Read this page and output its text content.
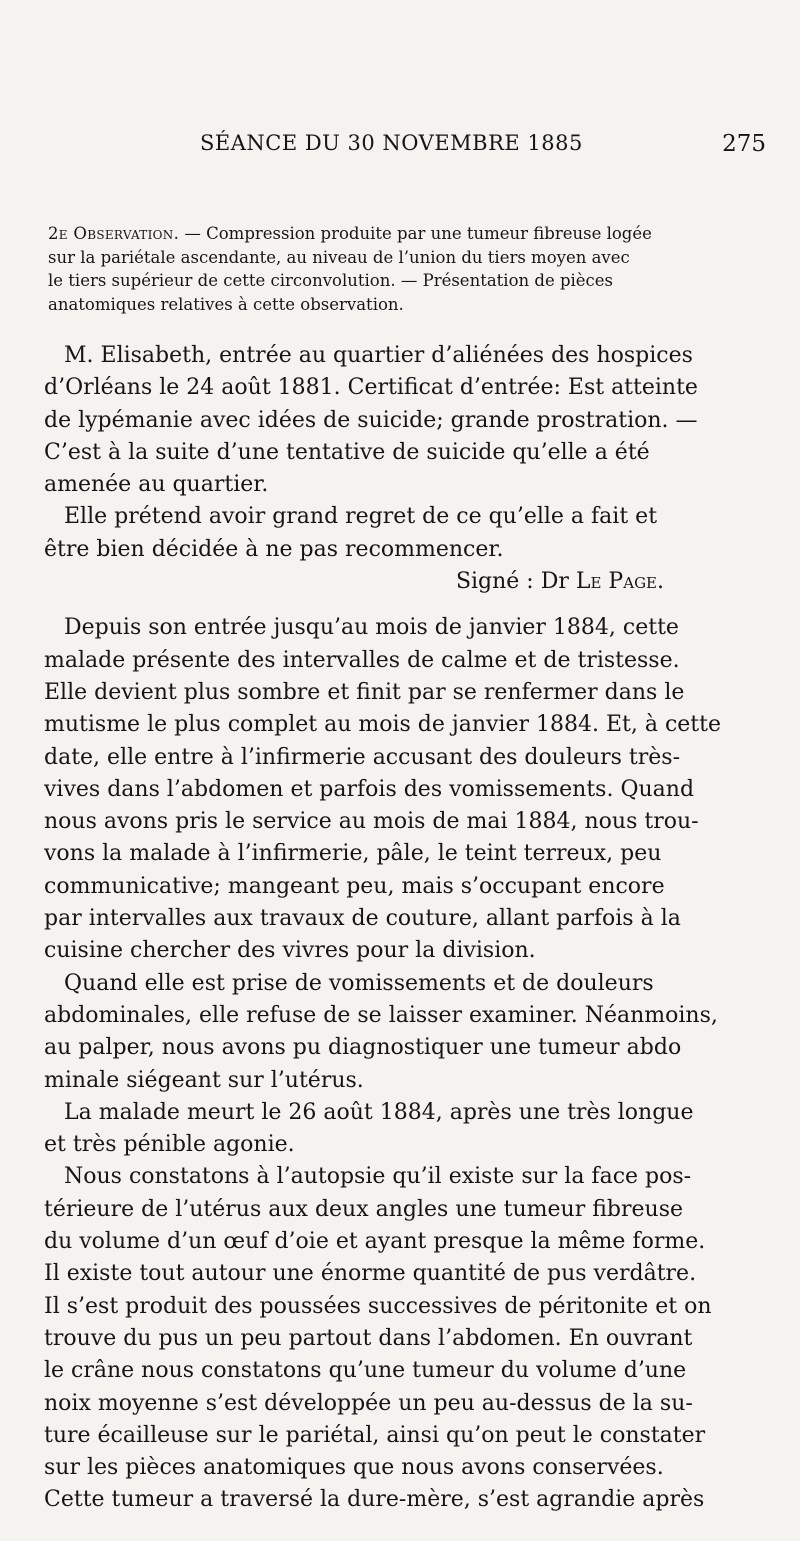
SÉANCE DU 30 NOVEMBRE 1885	275
2e Observation. — Compression produite par une tumeur fibreuse logée
sur la pariétale ascendante, au niveau de l’union du tiers moyen avec
le tiers supérieur de cette circonvolution. — Présentation de pièces
anatomiques relatives à cette observation.
M. Elisabeth, entrée au quartier d’aliénées des hospices
d’Orléans le 24 août 1881. Certificat d’entrée: Est atteinte
de lypémanie avec idées de suicide; grande prostration. —
C’est à la suite d’une tentative de suicide qu’elle a été
amenée au quartier.
Elle prétend avoir grand regret de ce qu’elle a fait et
être bien décidée à ne pas recommencer.
Signé : Dr Le Page.
Depuis son entrée jusqu’au mois de janvier 1884, cette
malade présente des intervalles de calme et de tristesse.
Elle devient plus sombre et finit par se renfermer dans le
mutisme le plus complet au mois de janvier 1884. Et, à cette
date, elle entre à l’infirmerie accusant des douleurs très-
vives dans l’abdomen et parfois des vomissements. Quand
nous avons pris le service au mois de mai 1884, nous trou-
vons la malade à l’infirmerie, pâle, le teint terreux, peu
communicative; mangeant peu, mais s’occupant encore
par intervalles aux travaux de couture, allant parfois à la
cuisine chercher des vivres pour la division.
Quand elle est prise de vomissements et de douleurs
abdominales, elle refuse de se laisser examiner. Néanmoins,
au palper, nous avons pu diagnostiquer une tumeur abdo
minale siégeant sur l’utérus.
La malade meurt le 26 août 1884, après une très longue
et très pénible agonie.
Nous constatons à l’autopsie qu’il existe sur la face pos-
térieure de l’utérus aux deux angles une tumeur fibreuse
du volume d’un œuf d’oie et ayant presque la même forme.
Il existe tout autour une énorme quantité de pus verdâtre.
Il s’est produit des poussées successives de péritonite et on
trouve du pus un peu partout dans l’abdomen. En ouvrant
le crâne nous constatons qu’une tumeur du volume d’une
noix moyenne s’est développée un peu au-dessus de la su-
ture écailleuse sur le pariétal, ainsi qu’on peut le constater
sur les pièces anatomiques que nous avons conservées.
Cette tumeur a traversé la dure-mère, s’est agrandie après
